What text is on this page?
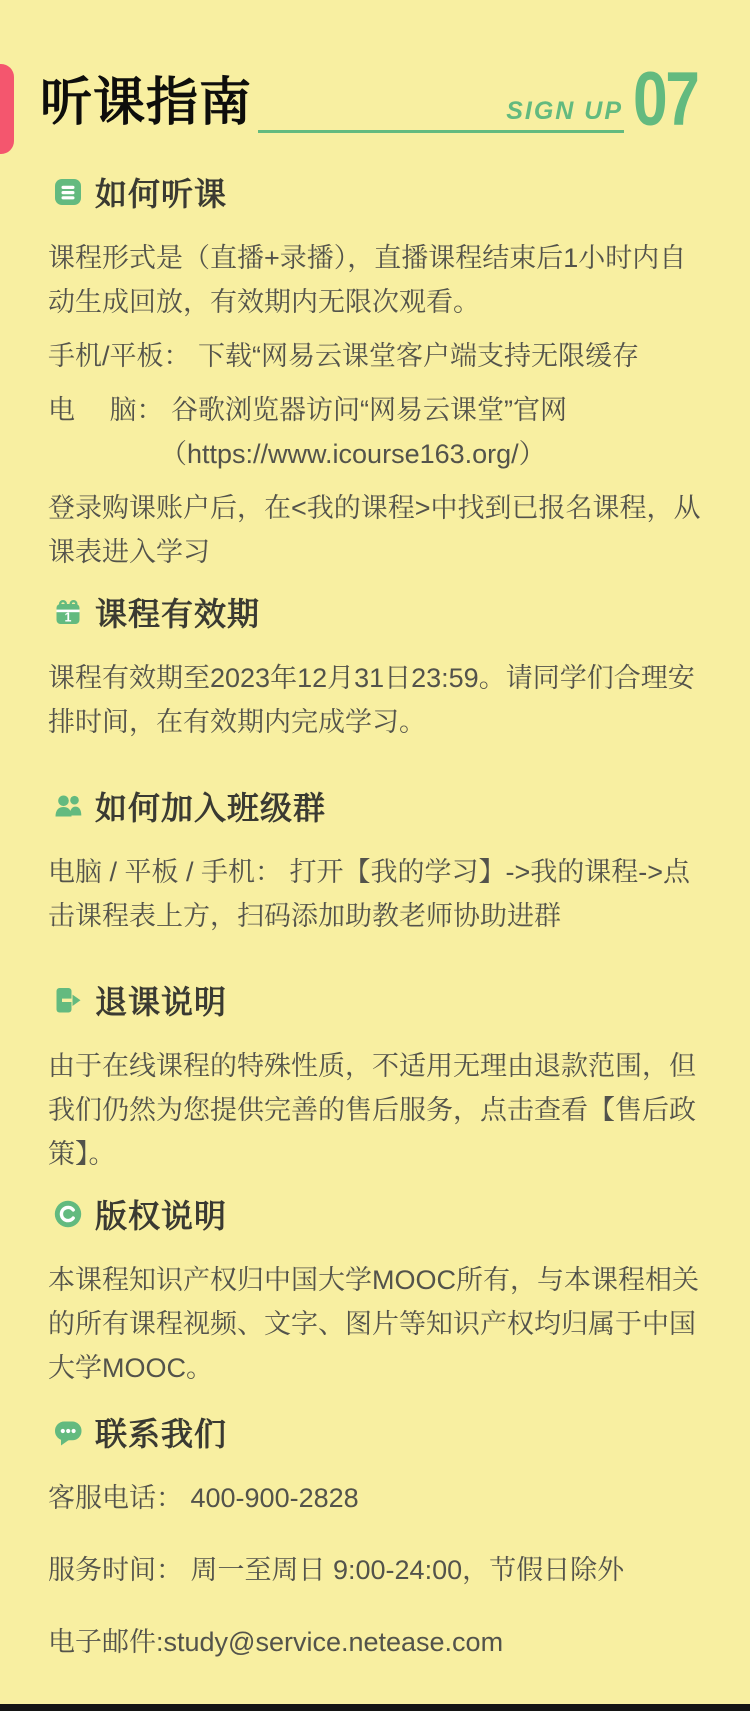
听课指南	SIGN UP 07
如何听课

课程形式是（直播+录播），直播课程结束后1小时内自动生成回放，有效期内无限次观看。

手机/平板： 下载“网易云课堂客户端支持无限缓存

电　 脑： 谷歌浏览器访问“网易云课堂”官网

（https://www.icourse163.org/）

登录购课账户后，在<我的课程>中找到已报名课程，从课表进入学习

1 课程有效期

课程有效期至2023年12月31日23:59。请同学们合理安排时间，在有效期内完成学习。

如何加入班级群

电脑 / 平板 / 手机： 打开【我的学习】->我的课程->点击课程表上方，扫码添加助教老师协助进群

退课说明

由于在线课程的特殊性质，不适用无理由退款范围，但我们仍然为您提供完善的售后服务，点击查看【售后政策】。

版权说明

本课程知识产权归中国大学MOOC所有，与本课程相关的所有课程视频、文字、图片等知识产权均归属于中国大学MOOC。

联系我们

客服电话： 400-900-2828

服务时间： 周一至周日 9:00-24:00，节假日除外

电子邮件:study@service.netease.com
